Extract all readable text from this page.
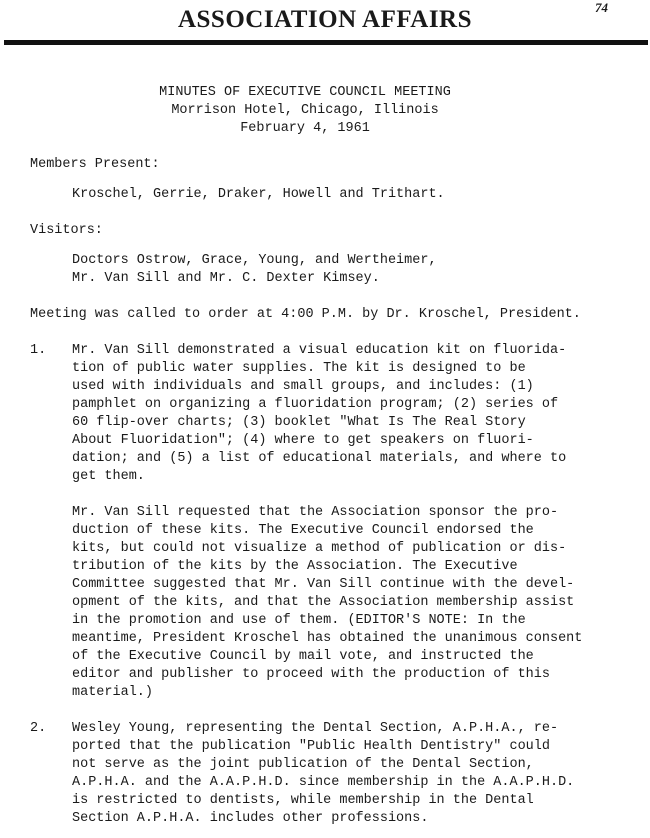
74
ASSOCIATION AFFAIRS
MINUTES OF EXECUTIVE COUNCIL MEETING
Morrison Hotel, Chicago, Illinois
February 4, 1961
Members Present:
Kroschel, Gerrie, Draker, Howell and Trithart.
Visitors:
Doctors Ostrow, Grace, Young, and Wertheimer,
Mr. Van Sill and Mr. C. Dexter Kimsey.
Meeting was called to order at 4:00 P.M. by Dr. Kroschel, President.
1. Mr. Van Sill demonstrated a visual education kit on fluorida-
tion of public water supplies. The kit is designed to be
used with individuals and small groups, and includes: (1)
pamphlet on organizing a fluoridation program; (2) series of
60 flip-over charts; (3) booklet "What Is The Real Story
About Fluoridation"; (4) where to get speakers on fluori-
dation; and (5) a list of educational materials, and where to
get them.
Mr. Van Sill requested that the Association sponsor the pro-
duction of these kits. The Executive Council endorsed the
kits, but could not visualize a method of publication or dis-
tribution of the kits by the Association. The Executive
Committee suggested that Mr. Van Sill continue with the devel-
opment of the kits, and that the Association membership assist
in the promotion and use of them. (EDITOR'S NOTE: In the
meantime, President Kroschel has obtained the unanimous consent
of the Executive Council by mail vote, and instructed the
editor and publisher to proceed with the production of this
material.)
2. Wesley Young, representing the Dental Section, A.P.H.A., re-
ported that the publication "Public Health Dentistry" could
not serve as the joint publication of the Dental Section,
A.P.H.A. and the A.A.P.H.D. since membership in the A.A.P.H.D.
is restricted to dentists, while membership in the Dental
Section A.P.H.A. includes other professions.
